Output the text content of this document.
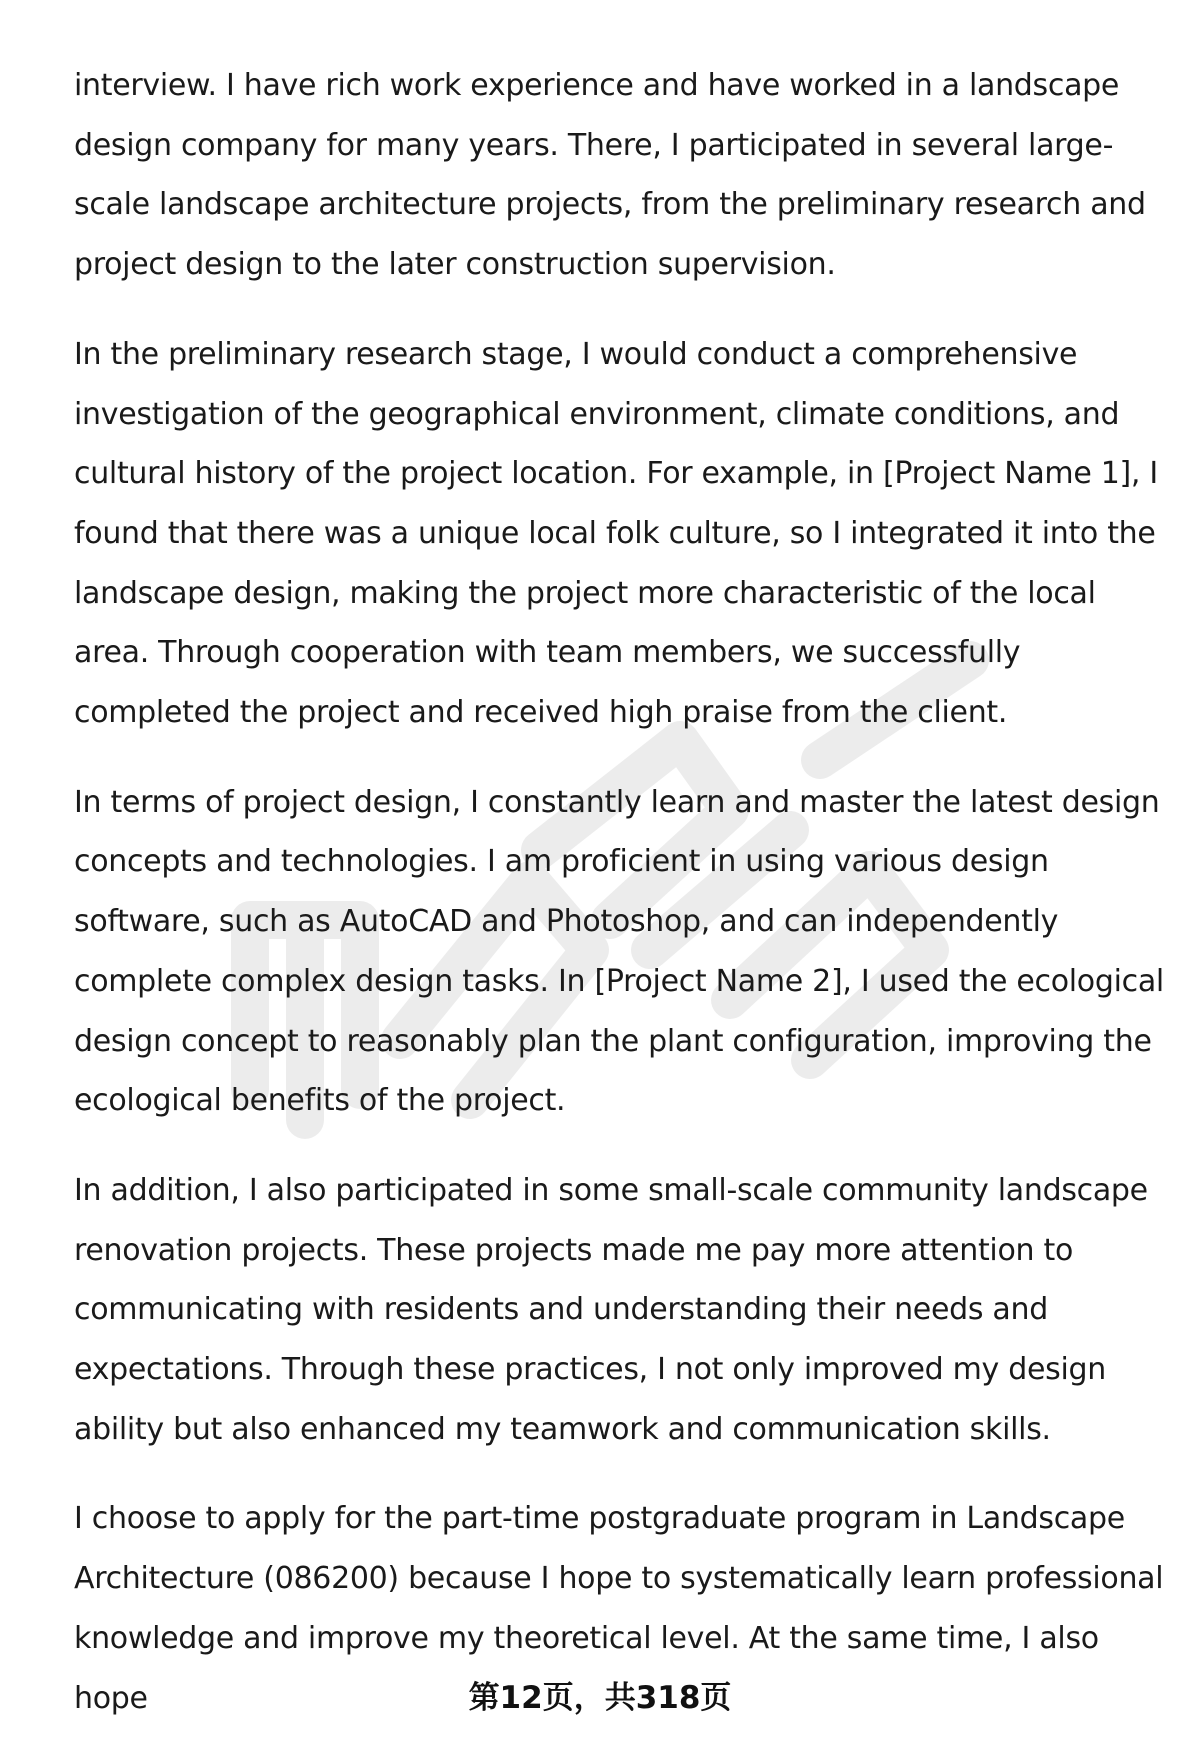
interview. I have rich work experience and have worked in a landscape design company for many years. There, I participated in several large-scale landscape architecture projects, from the preliminary research and project design to the later construction supervision.

In the preliminary research stage, I would conduct a comprehensive investigation of the geographical environment, climate conditions, and cultural history of the project location. For example, in [Project Name 1], I found that there was a unique local folk culture, so I integrated it into the landscape design, making the project more characteristic of the local area. Through cooperation with team members, we successfully completed the project and received high praise from the client.

In terms of project design, I constantly learn and master the latest design concepts and technologies. I am proficient in using various design software, such as AutoCAD and Photoshop, and can independently complete complex design tasks. In [Project Name 2], I used the ecological design concept to reasonably plan the plant configuration, improving the ecological benefits of the project.

In addition, I also participated in some small-scale community landscape renovation projects. These projects made me pay more attention to communicating with residents and understanding their needs and expectations. Through these practices, I not only improved my design ability but also enhanced my teamwork and communication skills.

I choose to apply for the part-time postgraduate program in Landscape Architecture (086200) because I hope to systematically learn professional knowledge and improve my theoretical level. At the same time, I also hope	第12页，共318页
